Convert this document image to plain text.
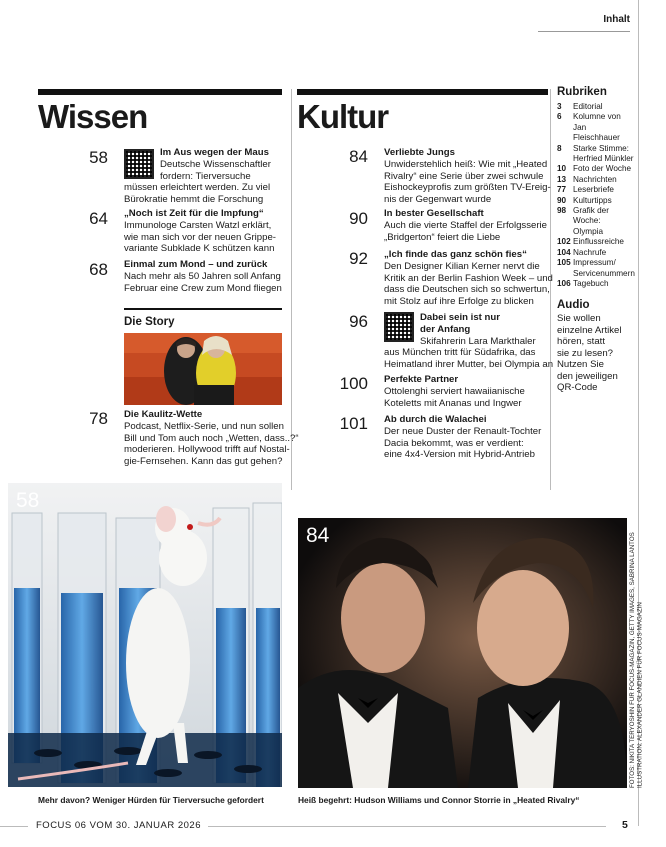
Inhalt
Wissen
58	Im Aus wegen der Maus
Deutsche Wissenschaftler
fordern: Tierversuche
müssen erleichtert werden. Zu viel
Bürokratie hemmt die Forschung
64 „Noch ist Zeit für die Impfung“
Immunologe Carsten Watzl erklärt,
wie man sich vor der neuen Grippe-
variante Subklade K schützen kann
68 Einmal zum Mond – und zurück
Nach mehr als 50 Jahren soll Anfang
Februar eine Crew zum Mond fliegen
Die Story
78 Die Kaulitz-Wette
Podcast, Netflix-Serie, und nun sollen
Bill und Tom auch noch „Wetten, dass..?“
moderieren. Hollywood trifft auf Nostal-
gie-Fernsehen. Kann das gut gehen?
Kultur
84 Verliebte Jungs
Unwiderstehlich heiß: Wie mit „Heated
Rivalry“ eine Serie über zwei schwule
Eishockeyprofis zum größten TV-Ereig-
nis der Gegenwart wurde
90 In bester Gesellschaft
Auch die vierte Staffel der Erfolgsserie
„Bridgerton“ feiert die Liebe
92 „Ich finde das ganz schön fies“
Den Designer Kilian Kerner nervt die
Kritik an der Berlin Fashion Week – und
dass die Deutschen sich so schwertun,
mit Stolz auf ihre Erfolge zu blicken
96	Dabei sein ist nur
der Anfang
Skifahrerin Lara Markthaler
aus München tritt für Südafrika, das
Heimatland ihrer Mutter, bei Olympia an
100 Perfekte Partner
Ottolenghi serviert hawaiianische
Koteletts mit Ananas und Ingwer
101 Ab durch die Walachei
Der neue Duster der Renault-Tochter
Dacia bekommt, was er verdient:
eine 4x4-Version mit Hybrid-Antrieb
Rubriken
3	Editorial
6	Kolumne von
Jan Fleischhauer
8	Starke Stimme:
Herfried Münkler
10 Foto der Woche
13 Nachrichten
77 Leserbriefe
90 Kulturtipps
98 Grafik der Woche:
Olympia
102 Einflussreiche
104 Nachrufe
105 Impressum/
Servicenummern
106 Tagebuch
Audio
Sie wollen
einzelne Artikel
hören, statt
sie zu lesen?
Nutzen Sie
den jeweiligen
QR-Code
58
84	FOTOS: NIKITA TERYOSHIN FÜR FOCUS-MAGAZIN, GETTY IMAGES, SABRINA LANTOS ILLUSTRATION: ALEXANDER GLANDIEN FÜR FOCUS-MAGAZIN
Mehr davon? Weniger Hürden für Tierversuche gefordert	Heiß begehrt: Hudson Williams und Connor Storrie in „Heated Rivalry“
FOCUS 06 VOM 30. JANUAR 2026	5
